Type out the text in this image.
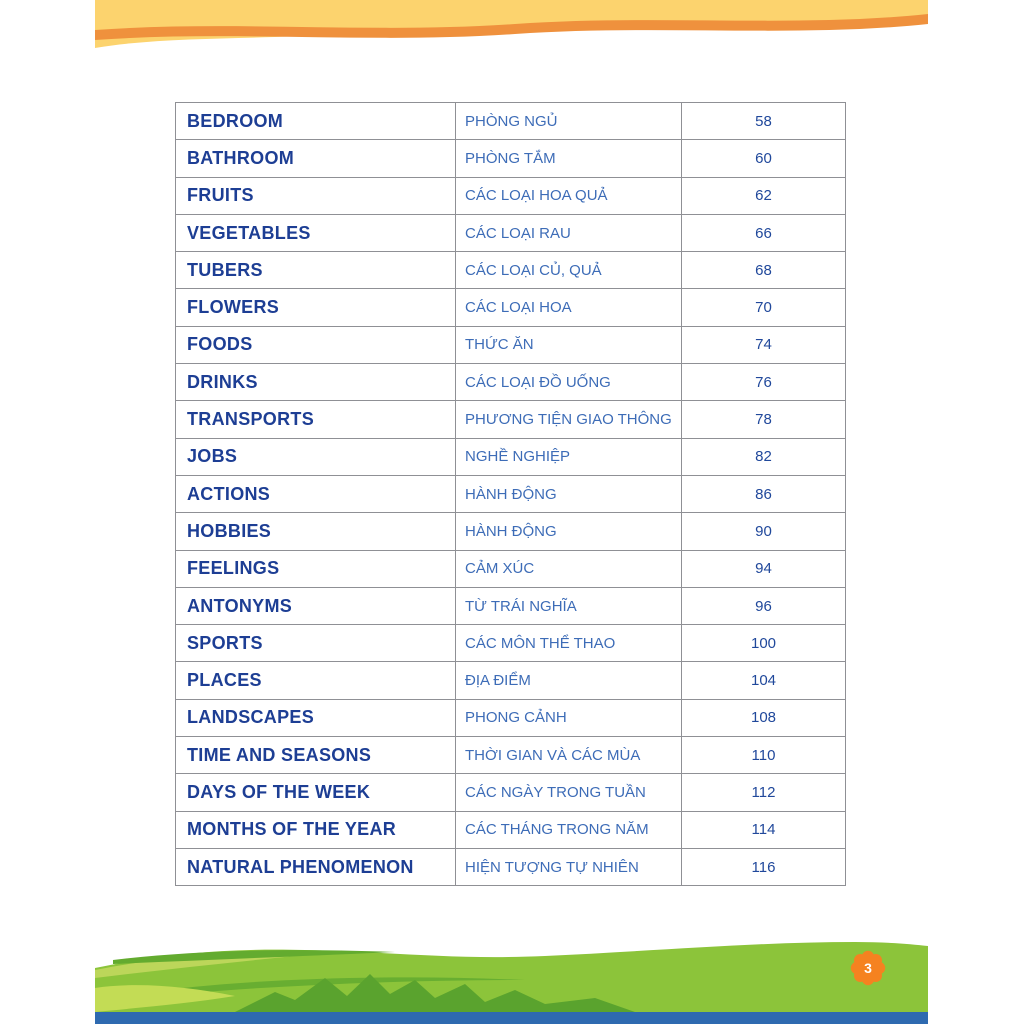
BEDROOM	PHÒNG NGỦ	58
BATHROOM	PHÒNG TẮM	60
FRUITS	CÁC LOẠI HOA QUẢ	62
VEGETABLES	CÁC LOẠI RAU	66
TUBERS	CÁC LOẠI CỦ, QUẢ	68
FLOWERS	CÁC LOẠI HOA	70
FOODS	THỨC ĂN	74
DRINKS	CÁC LOẠI ĐỒ UỐNG	76
TRANSPORTS	PHƯƠNG TIỆN GIAO THÔNG	78
JOBS	NGHỀ NGHIỆP	82
ACTIONS	HÀNH ĐỘNG	86
HOBBIES	HÀNH ĐỘNG	90
FEELINGS	CẢM XÚC	94
ANTONYMS	TỪ TRÁI NGHĨA	96
SPORTS	CÁC MÔN THỂ THAO	100
PLACES	ĐỊA ĐIỂM	104
LANDSCAPES	PHONG CẢNH	108
TIME AND SEASONS	THỜI GIAN VÀ CÁC MÙA	110
DAYS OF THE WEEK	CÁC NGÀY TRONG TUẦN	112
MONTHS OF THE YEAR	CÁC THÁNG TRONG NĂM	114
NATURAL PHENOMENON	HIỆN TƯỢNG TỰ NHIÊN	116
3
